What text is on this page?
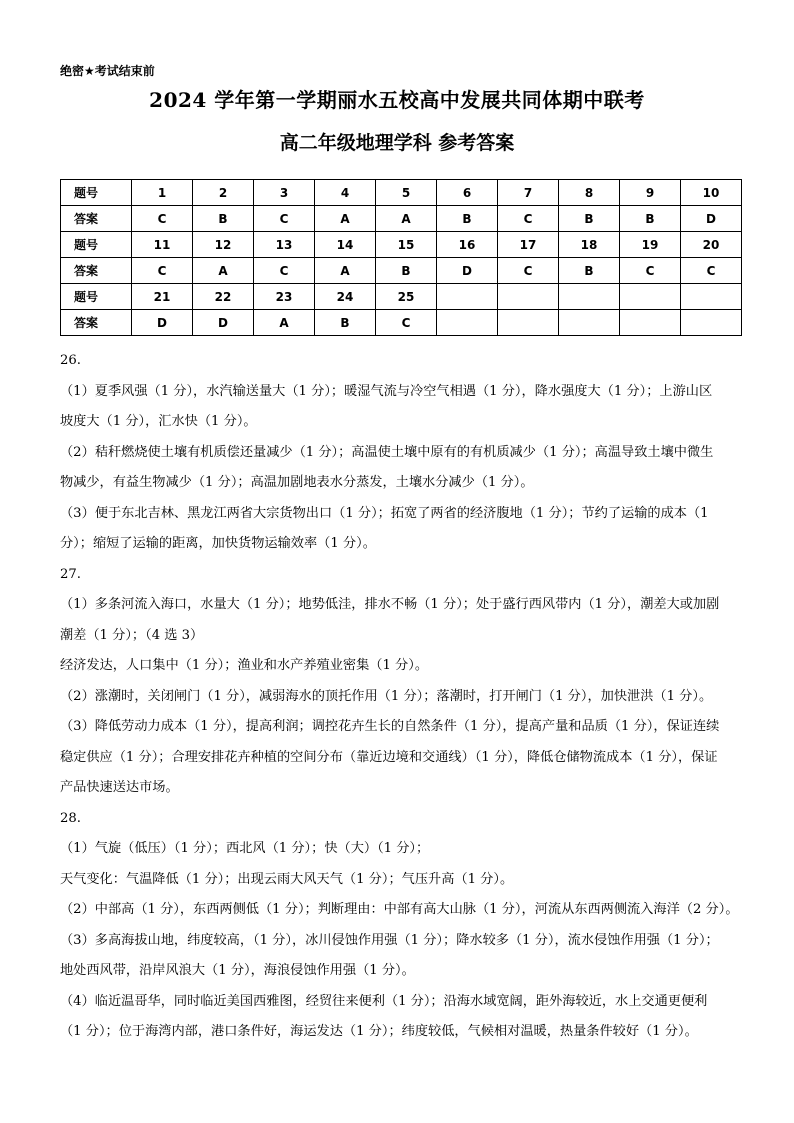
绝密★考试结束前
2024 学年第一学期丽水五校高中发展共同体期中联考
高二年级地理学科 参考答案
题号	1	2	3	4	5	6	7	8	9	10
答案	C	B	C	A	A	B	C	B	B	D
题号	11	12	13	14	15	16	17	18	19	20
答案	C	A	C	A	B	D	C	B	C	C
题号	21	22	23	24	25					
答案	D	D	A	B	C					

26.

（1）夏季风强（1 分），水汽输送量大（1 分）；暖湿气流与冷空气相遇（1 分），降水强度大（1 分）；上游山区

坡度大（1 分），汇水快（1 分）。

（2）秸秆燃烧使土壤有机质偿还量减少（1 分）；高温使土壤中原有的有机质减少（1 分）；高温导致土壤中微生

物减少，有益生物减少（1 分）；高温加剧地表水分蒸发，土壤水分减少（1 分）。

（3）便于东北吉林、黑龙江两省大宗货物出口（1 分）；拓宽了两省的经济腹地（1 分）；节约了运输的成本（1

分）；缩短了运输的距离，加快货物运输效率（1 分）。

27.

（1）多条河流入海口，水量大（1 分）；地势低洼，排水不畅（1 分）；处于盛行西风带内（1 分），潮差大或加剧

潮差（1 分）；（4 选 3）

经济发达，人口集中（1 分）；渔业和水产养殖业密集（1 分）。

（2）涨潮时，关闭闸门（1 分），减弱海水的顶托作用（1 分）；落潮时，打开闸门（1 分），加快泄洪（1 分）。

（3）降低劳动力成本（1 分），提高利润；调控花卉生长的自然条件（1 分），提高产量和品质（1 分），保证连续

稳定供应（1 分）；合理安排花卉种植的空间分布（靠近边境和交通线）（1 分），降低仓储物流成本（1 分），保证

产品快速送达市场。

28.

（1）气旋（低压）（1 分）；西北风（1 分）；快（大）（1 分）；

天气变化：气温降低（1 分）；出现云雨大风天气（1 分）；气压升高（1 分）。

（2）中部高（1 分），东西两侧低（1 分）；判断理由：中部有高大山脉（1 分），河流从东西两侧流入海洋（2 分）。

（3）多高海拔山地，纬度较高，（1 分），冰川侵蚀作用强（1 分）；降水较多（1 分），流水侵蚀作用强（1 分）；

地处西风带，沿岸风浪大（1 分），海浪侵蚀作用强（1 分）。

（4）临近温哥华，同时临近美国西雅图，经贸往来便利（1 分）；沿海水域宽阔，距外海较近，水上交通更便利

（1 分）；位于海湾内部，港口条件好，海运发达（1 分）；纬度较低，气候相对温暖，热量条件较好（1 分）。
